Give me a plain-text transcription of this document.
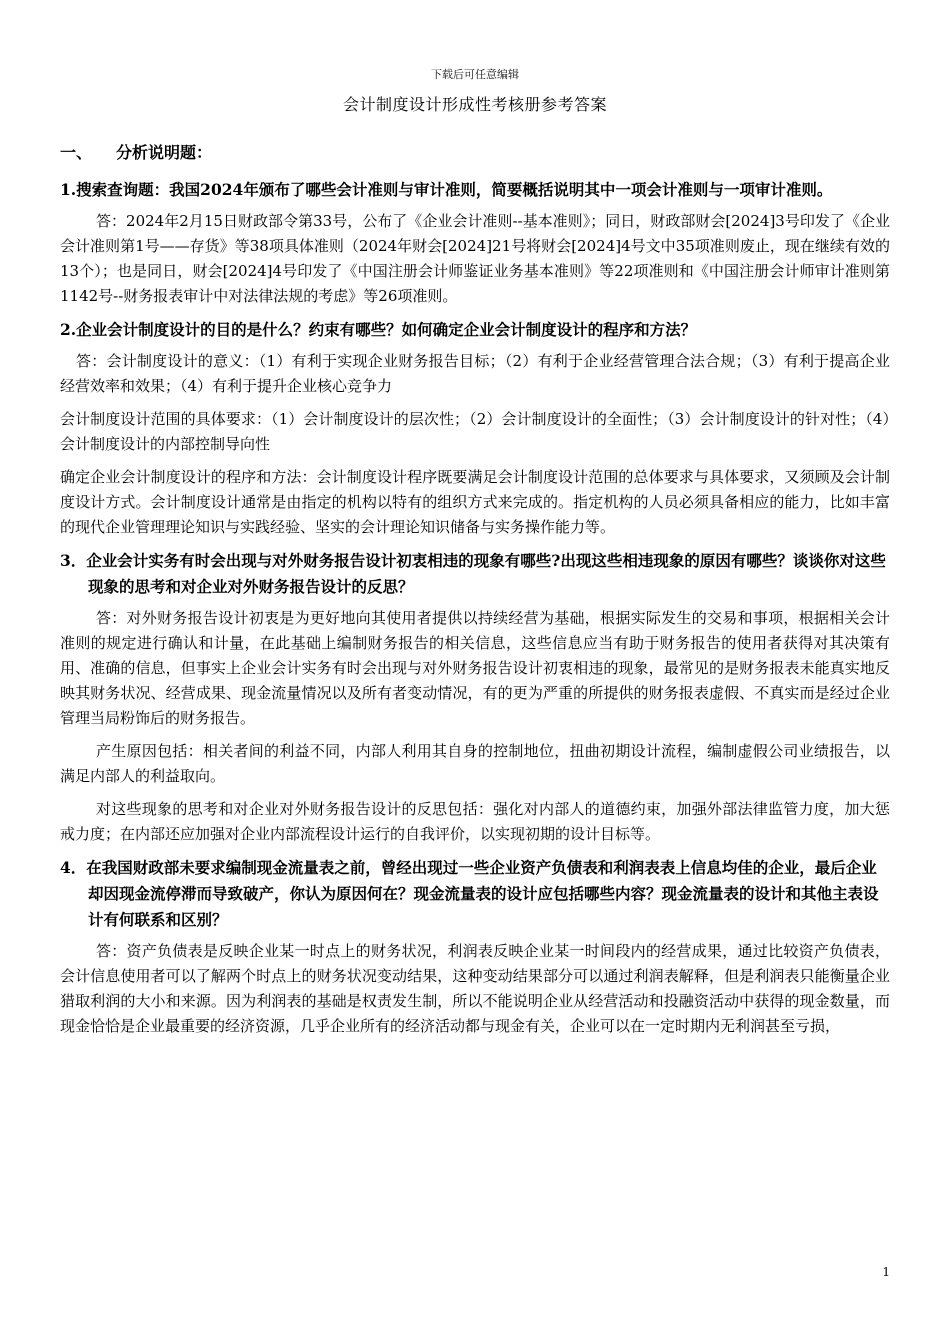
下载后可任意编辑
会计制度设计形成性考核册参考答案
一、 分析说明题：
1.搜索查询题：我国2024年颁布了哪些会计准则与审计准则，简要概括说明其中一项会计准则与一项审计准则。
答：2024年2月15日财政部令第33号，公布了《企业会计准则--基本准则》；同日，财政部财会[2024]3号印发了《企业会计准则第1号——存货》等38项具体准则（2024年财会[2024]21号将财会[2024]4号文中35项准则废止，现在继续有效的13个）；也是同日，财会[2024]4号印发了《中国注册会计师鉴证业务基本准则》等22项准则和《中国注册会计师审计准则第1142号--财务报表审计中对法律法规的考虑》等26项准则。
2.企业会计制度设计的目的是什么？约束有哪些？如何确定企业会计制度设计的程序和方法？
答：会计制度设计的意义：（1）有利于实现企业财务报告目标；（2）有利于企业经营管理合法合规；（3）有利于提高企业经营效率和效果；（4）有利于提升企业核心竞争力
会计制度设计范围的具体要求：（1）会计制度设计的层次性；（2）会计制度设计的全面性；（3）会计制度设计的针对性；（4）会计制度设计的内部控制导向性
确定企业会计制度设计的程序和方法：会计制度设计程序既要满足会计制度设计范围的总体要求与具体要求，又须顾及会计制度设计方式。会计制度设计通常是由指定的机构以特有的组织方式来完成的。指定机构的人员必须具备相应的能力，比如丰富的现代企业管理理论知识与实践经验、坚实的会计理论知识储备与实务操作能力等。
3．企业会计实务有时会出现与对外财务报告设计初衷相违的现象有哪些?出现这些相违现象的原因有哪些？谈谈你对这些现象的思考和对企业对外财务报告设计的反思？
答：对外财务报告设计初衷是为更好地向其使用者提供以持续经营为基础，根据实际发生的交易和事项，根据相关会计准则的规定进行确认和计量，在此基础上编制财务报告的相关信息，这些信息应当有助于财务报告的使用者获得对其决策有用、准确的信息，但事实上企业会计实务有时会出现与对外财务报告设计初衷相违的现象，最常见的是财务报表未能真实地反映其财务状况、经营成果、现金流量情况以及所有者变动情况，有的更为严重的所提供的财务报表虚假、不真实而是经过企业管理当局粉饰后的财务报告。
产生原因包括：相关者间的利益不同，内部人利用其自身的控制地位，扭曲初期设计流程，编制虚假公司业绩报告，以满足内部人的利益取向。
对这些现象的思考和对企业对外财务报告设计的反思包括：强化对内部人的道德约束，加强外部法律监管力度，加大惩戒力度；在内部还应加强对企业内部流程设计运行的自我评价，以实现初期的设计目标等。
4．在我国财政部未要求编制现金流量表之前，曾经出现过一些企业资产负债表和利润表表上信息均佳的企业，最后企业却因现金流停滞而导致破产，你认为原因何在？现金流量表的设计应包括哪些内容？现金流量表的设计和其他主表设计有何联系和区别？
答：资产负债表是反映企业某一时点上的财务状况，利润表反映企业某一时间段内的经营成果，通过比较资产负债表，会计信息使用者可以了解两个时点上的财务状况变动结果，这种变动结果部分可以通过利润表解释，但是利润表只能衡量企业猎取利润的大小和来源。因为利润表的基础是权责发生制，所以不能说明企业从经营活动和投融资活动中获得的现金数量，而现金恰恰是企业最重要的经济资源，几乎企业所有的经济活动都与现金有关，企业可以在一定时期内无利润甚至亏损，
1
